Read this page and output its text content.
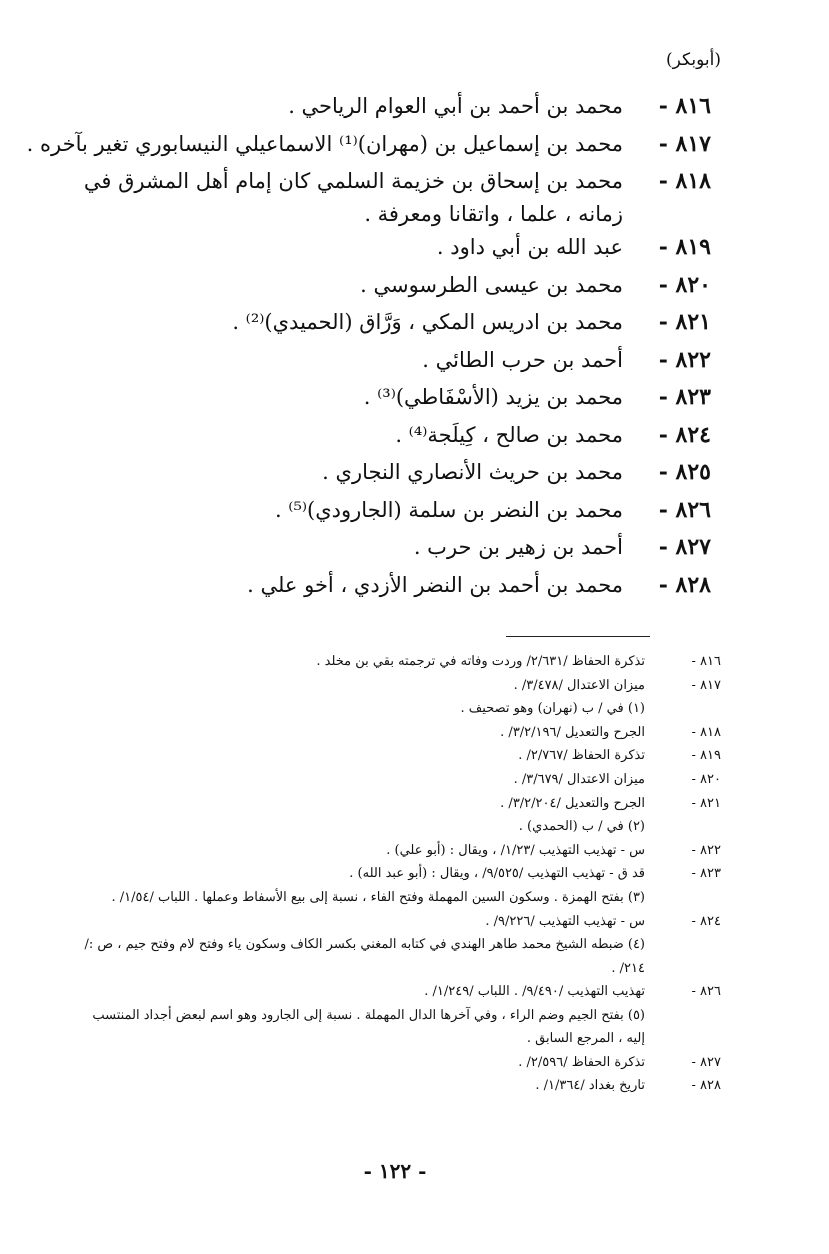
(أبوبكر)
٨١٦ -
محمد بن أحمد بن أبي العوام الرياحي .
٨١٧ -
محمد بن إسماعيل بن (مهران)⁽¹⁾ الاسماعيلي النيسابوري تغير بآخره .
٨١٨ -
محمد بن إسحاق بن خزيمة السلمي كان إمام أهل المشرق في زمانه ، علما ، واتقانا ومعرفة .
٨١٩ -
عبد الله بن أبي داود .
٨٢٠ -
محمد بن عيسى الطرسوسي .
٨٢١ -
محمد بن ادريس المكي ، وَرَّاق (الحميدي)⁽²⁾ .
٨٢٢ -
أحمد بن حرب الطائي .
٨٢٣ -
محمد بن يزيد (الأسْفَاطي)⁽³⁾ .
٨٢٤ -
محمد بن صالح ، كِيلَجة⁽⁴⁾ .
٨٢٥ -
محمد بن حريث الأنصاري النجاري .
٨٢٦ -
محمد بن النضر بن سلمة (الجارودي)⁽⁵⁾ .
٨٢٧ -
أحمد بن زهير بن حرب .
٨٢٨ -
محمد بن أحمد بن النضر الأزدي ، أخو علي .
٨١٦ -
تذكرة الحفاظ /٢/٦٣١/ وردت وفاته في ترجمته بقي بن مخلد .
٨١٧ -
ميزان الاعتدال /٣/٤٧٨/ .
(١) في / ب (نهران) وهو تصحيف .
٨١٨ -
الجرح والتعديل /٣/٢/١٩٦/ .
٨١٩ -
تذكرة الحفاظ /٢/٧٦٧/ .
٨٢٠ -
ميزان الاعتدال /٣/٦٧٩/ .
٨٢١ -
الجرح والتعديل /٣/٢/٢٠٤/ .
(٢) في / ب (الحمدي) .
٨٢٢ -
س - تهذيب التهذيب /١/٢٣/ ، ويقال : (أبو علي) .
٨٢٣ -
قد ق - تهذيب التهذيب /٩/٥٢٥/ ، ويقال : (أبو عبد الله) .
(٣) بفتح الهمزة . وسكون السين المهملة وفتح الفاء ، نسبة إلى بيع الأسفاط وعملها . اللباب /١/٥٤/ .
٨٢٤ -
س - تهذيب التهذيب /٩/٢٢٦/ .
(٤) ضبطه الشيخ محمد طاهر الهندي في كتابه المغني بكسر الكاف وسكون ياء وفتح لام وفتح جيم ، ص :/٢١٤/ .
٨٢٦ -
تهذيب التهذيب /٩/٤٩٠/ . اللباب /١/٢٤٩/ .
(٥) بفتح الجيم وضم الراء ، وفي آخرها الدال المهملة . نسبة إلى الجارود وهو اسم لبعض أجداد المنتسب إليه ، المرجع السابق .
٨٢٧ -
تذكرة الحفاظ /٢/٥٩٦/ .
٨٢٨ -
تاريخ بغداد /١/٣٦٤/ .
- ١٢٢ -
